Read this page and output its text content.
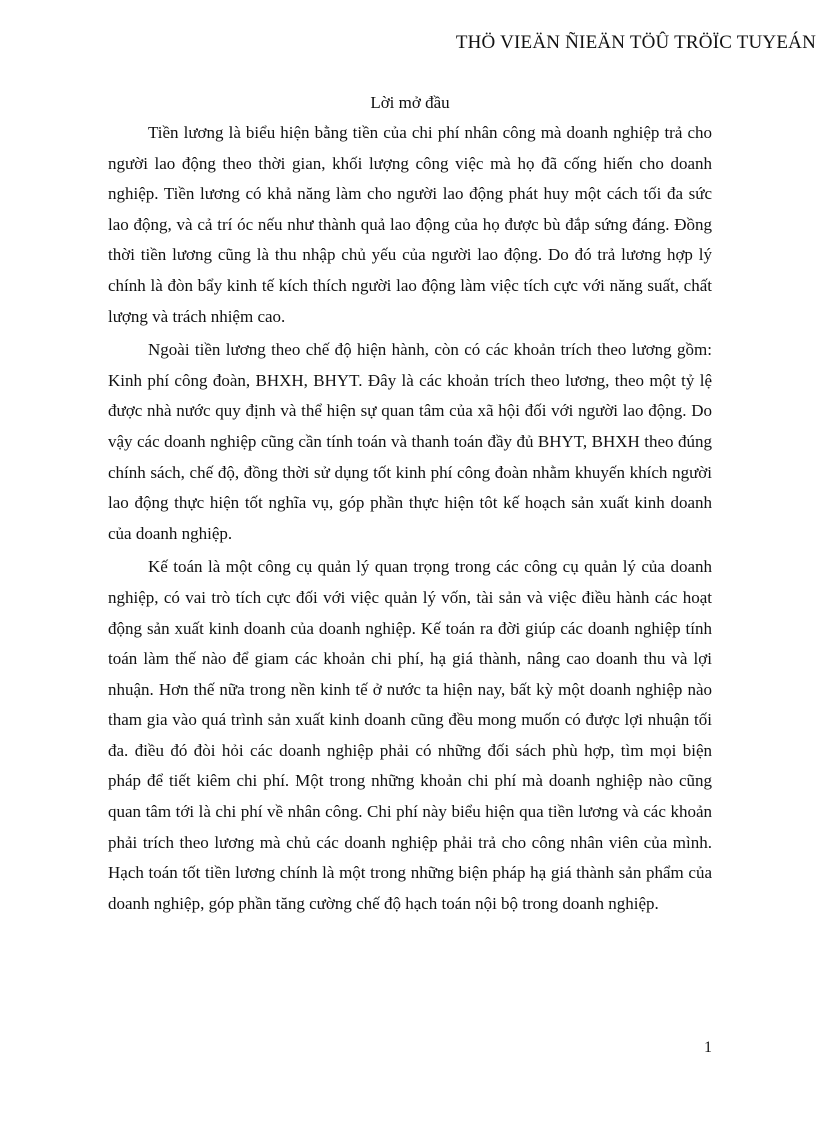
THÖ VIEÄN ÑIEÄN TÖÛ TRÖÏC TUYEÁN
Lời mở đầu

Tiền lương là biểu hiện bằng tiền của chi phí nhân công mà doanh nghiệp trả cho người lao động theo thời gian, khối lượng công việc mà họ đã cống hiến cho doanh nghiệp. Tiền lương có khả năng làm cho người lao động phát huy một cách tối đa sức lao động, và cả trí óc nếu như thành quả lao động của họ được bù đắp sứng đáng. Đồng thời tiền lương cũng là thu nhập chủ yếu của người lao động. Do đó trả lương hợp lý chính là đòn bẩy kinh tế kích thích người lao động làm việc tích cực với năng suất, chất lượng và trách nhiệm cao.

Ngoài tiền lương theo chế độ hiện hành, còn có các khoản trích theo lương gồm: Kinh phí công đoàn, BHXH, BHYT. Đây là các khoản trích theo lương, theo một tỷ lệ được nhà nước quy định và thể hiện sự quan tâm của xã hội đối với người lao động. Do vậy các doanh nghiệp cũng cần tính toán và thanh toán đầy đủ BHYT, BHXH theo đúng chính sách, chế độ, đồng thời sử dụng tốt kinh phí công đoàn nhằm khuyến khích người lao động thực hiện tốt nghĩa vụ, góp phần thực hiện tôt kế hoạch sản xuất kinh doanh của doanh nghiệp.

Kế toán là một công cụ quản lý quan trọng trong các công cụ quản lý của doanh nghiệp, có vai trò tích cực đối với việc quản lý vốn, tài sản và việc điều hành các hoạt động sản xuất kinh doanh của doanh nghiệp. Kế toán ra đời giúp các doanh nghiệp tính toán làm thế nào để giam các khoản chi phí, hạ giá thành, nâng cao doanh thu và lợi nhuận. Hơn thế nữa trong nền kinh tế ở nước ta hiện nay, bất kỳ một doanh nghiệp nào tham gia vào quá trình sản xuất kinh doanh cũng đều mong muốn có được lợi nhuận tối đa. điều đó đòi hỏi các doanh nghiệp phải có những đối sách phù hợp, tìm mọi biện pháp để tiết kiêm chi phí. Một trong những khoản chi phí mà doanh nghiệp nào cũng quan tâm tới là chi phí về nhân công. Chi phí này biểu hiện qua tiền lương và các khoản phải trích theo lương mà chủ các doanh nghiệp phải trả cho công nhân viên của mình. Hạch toán tốt tiền lương chính là một trong những biện pháp hạ giá thành sản phẩm của doanh nghiệp, góp phần tăng cường chế độ hạch toán nội bộ trong doanh nghiệp.

1
